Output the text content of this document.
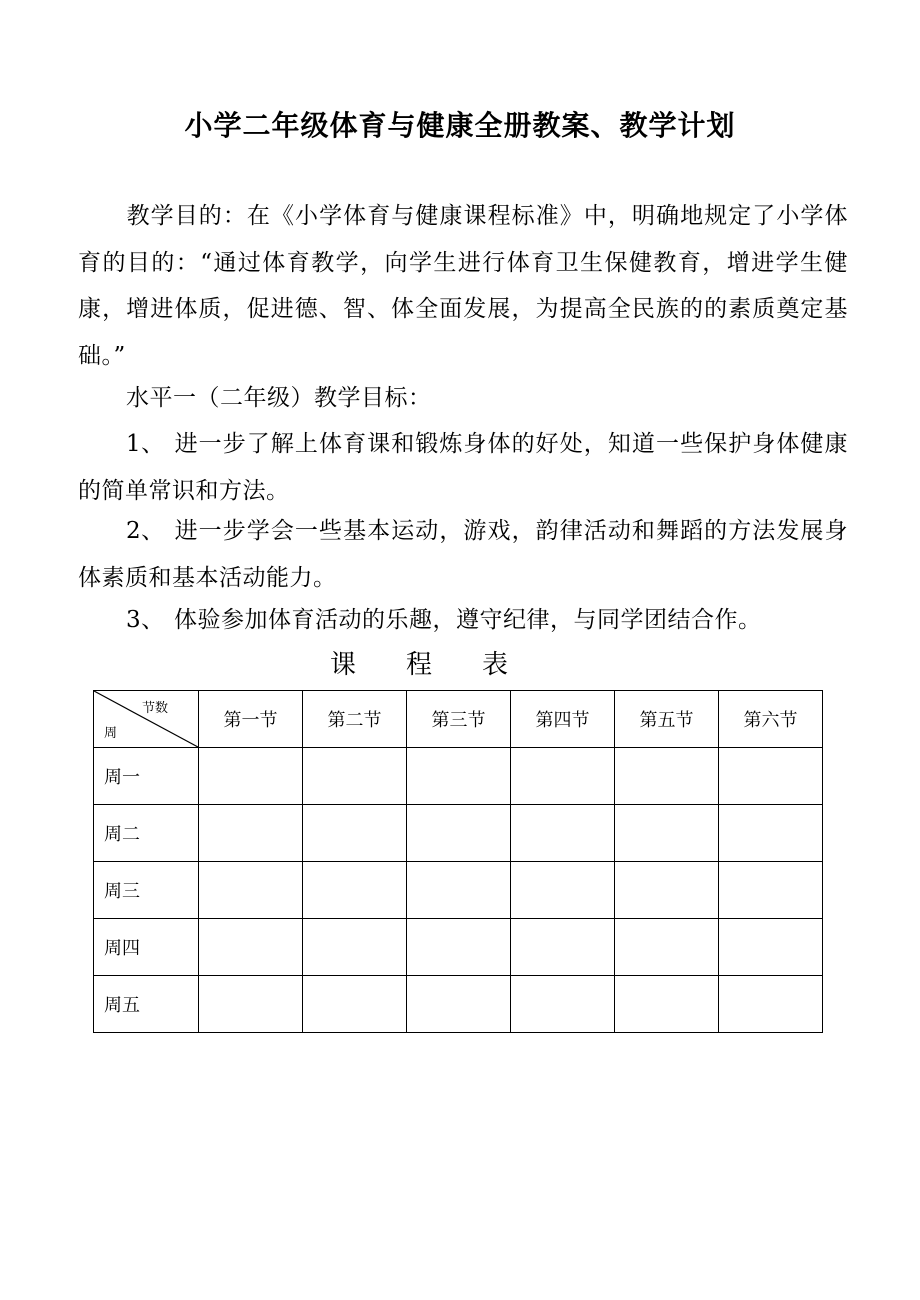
小学二年级体育与健康全册教案、教学计划
教学目的：在《小学体育与健康课程标准》中，明确地规定了小学体育的目的：“通过体育教学，向学生进行体育卫生保健教育，增进学生健康，增进体质，促进德、智、体全面发展，为提高全民族的的素质奠定基础。”
水平一（二年级）教学目标：
1、 进一步了解上体育课和锻炼身体的好处，知道一些保护身体健康的简单常识和方法。
2、 进一步学会一些基本运动，游戏，韵律活动和舞蹈的方法发展身体素质和基本活动能力。
3、 体验参加体育活动的乐趣，遵守纪律，与同学团结合作。
课 程 表
节数
周	第一节	第二节	第三节	第四节	第五节	第六节
周一						
周二						
周三						
周四						
周五						
